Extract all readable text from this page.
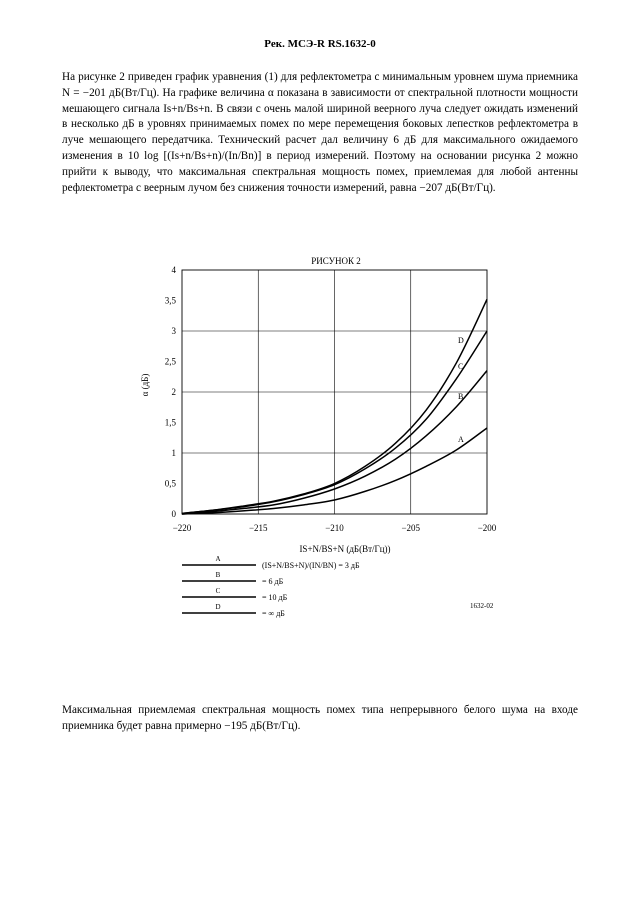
Рек. МСЭ-R RS.1632-0
На рисунке 2 приведен график уравнения (1) для рефлектометра с минимальным уровнем шума приемника N = −201 дБ(Вт/Гц). На графике величина α показана в зависимости от спектральной плотности мощности мешающего сигнала Is+n/Bs+n. В связи с очень малой шириной веерного луча следует ожидать изменений в несколько дБ в уровнях принимаемых помех по мере перемещения боковых лепестков рефлектометра в луче мешающего передатчика. Технический расчет дал величину 6 дБ для максимального ожидаемого изменения в 10 log [(Is+n/Bs+n)/(In/Bn)] в период измерений. Поэтому на основании рисунка 2 можно прийти к выводу, что максимальная спектральная мощность помех, приемлемая для любой антенны рефлектометра с веерным лучом без снижения точности измерений, равна −207 дБ(Вт/Гц).
РИСУНОК 2
−220	−215	−210	−205	−200
0
0,5
1
1,5
2
2,5
3
3,5
4
A
B
C
D
α (дБ)
IS+N/BS+N (дБ(Вт/Гц))
A
(IS+N/BS+N)/(IN/BN) = 3 дБ
B
= 6 дБ
C
= 10 дБ
D
= ∞ дБ
1632-02
Максимальная приемлемая спектральная мощность помех типа непрерывного белого шума на входе приемника будет равна примерно −195 дБ(Вт/Гц).
